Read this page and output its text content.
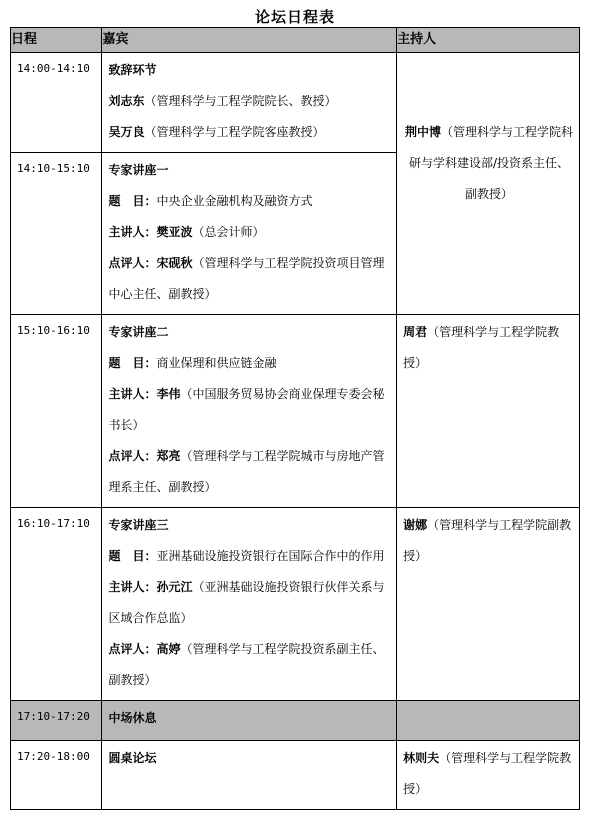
论坛日程表
日程	嘉宾	主持人
14:00-14:10	致辞环节
刘志东（管理科学与工程学院院长、教授）
吴万良（管理科学与工程学院客座教授）	荆中博（管理科学与工程学院科研与学科建设部/投资系主任、副教授）
14:10-15:10	专家讲座一
题　目：中央企业金融机构及融资方式
主讲人：樊亚波（总会计师）
点评人：宋砚秋（管理科学与工程学院投资项目管理中心主任、副教授）	

15:10-16:10	专家讲座二
题　目：商业保理和供应链金融
主讲人：李伟（中国服务贸易协会商业保理专委会秘书长）
点评人：郑亮（管理科学与工程学院城市与房地产管理系主任、副教授）	周君（管理科学与工程学院教授）
16:10-17:10	专家讲座三
题　目：亚洲基础设施投资银行在国际合作中的作用
主讲人：孙元江（亚洲基础设施投资银行伙伴关系与区域合作总监）
点评人：高婷（管理科学与工程学院投资系副主任、副教授）	谢娜（管理科学与工程学院副教授）
17:10-17:20	中场休息	

17:20-18:00	圆桌论坛	林则夫（管理科学与工程学院教授）
